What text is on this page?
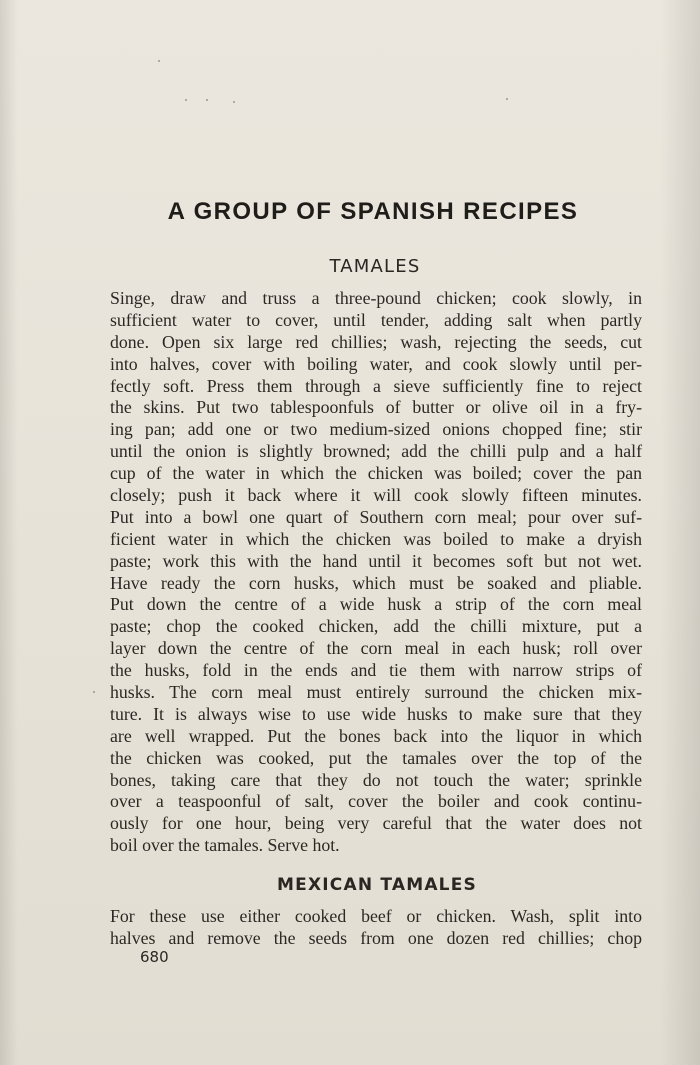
A GROUP OF SPANISH RECIPES
TAMALES
Singe, draw and truss a three-pound chicken; cook slowly, in
sufficient water to cover, until tender, adding salt when partly
done. Open six large red chillies; wash, rejecting the seeds, cut
into halves, cover with boiling water, and cook slowly until per-
fectly soft. Press them through a sieve sufficiently fine to reject
the skins. Put two tablespoonfuls of butter or olive oil in a fry-
ing pan; add one or two medium-sized onions chopped fine; stir
until the onion is slightly browned; add the chilli pulp and a half
cup of the water in which the chicken was boiled; cover the pan
closely; push it back where it will cook slowly fifteen minutes.
Put into a bowl one quart of Southern corn meal; pour over suf-
ficient water in which the chicken was boiled to make a dryish
paste; work this with the hand until it becomes soft but not wet.
Have ready the corn husks, which must be soaked and pliable.
Put down the centre of a wide husk a strip of the corn meal
paste; chop the cooked chicken, add the chilli mixture, put a
layer down the centre of the corn meal in each husk; roll over
the husks, fold in the ends and tie them with narrow strips of
husks. The corn meal must entirely surround the chicken mix-
ture. It is always wise to use wide husks to make sure that they
are well wrapped. Put the bones back into the liquor in which
the chicken was cooked, put the tamales over the top of the
bones, taking care that they do not touch the water; sprinkle
over a teaspoonful of salt, cover the boiler and cook continu-
ously for one hour, being very careful that the water does not
boil over the tamales. Serve hot.
MEXICAN TAMALES
For these use either cooked beef or chicken. Wash, split into
halves and remove the seeds from one dozen red chillies; chop
680
